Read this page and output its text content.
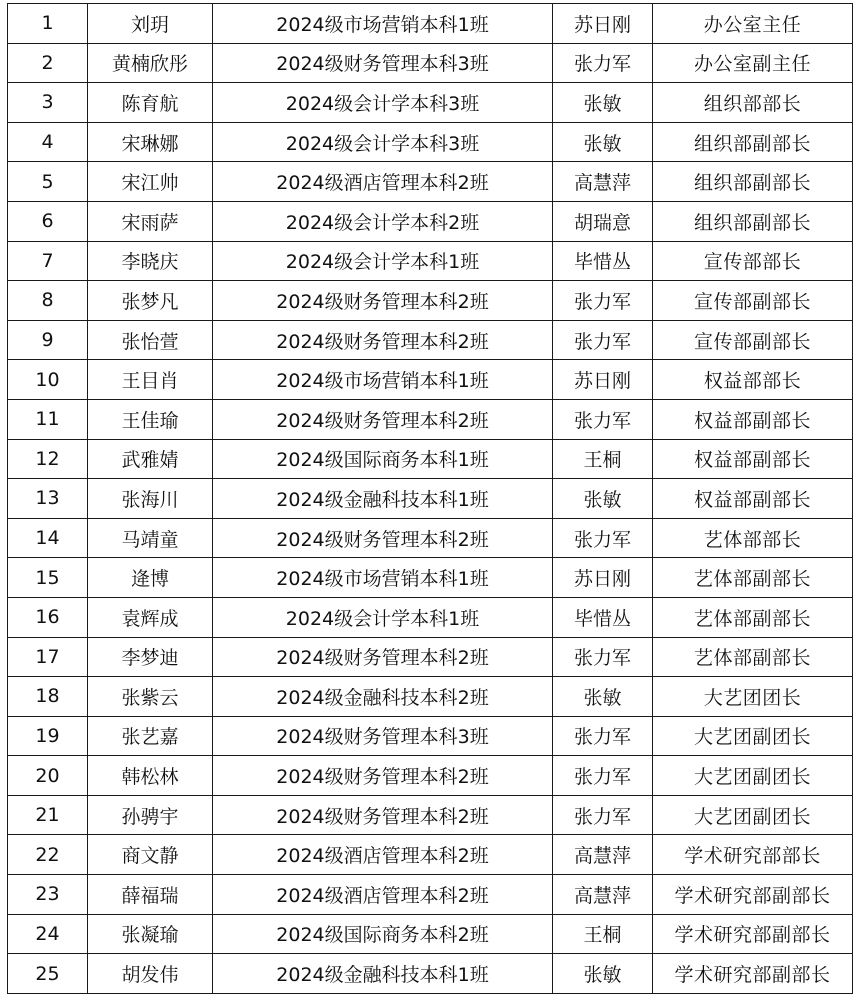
1	刘玥	2024级市场营销本科1班	苏日刚	办公室主任
2	黄楠欣彤	2024级财务管理本科3班	张力军	办公室副主任
3	陈育航	2024级会计学本科3班	张敏	组织部部长
4	宋琳娜	2024级会计学本科3班	张敏	组织部副部长
5	宋江帅	2024级酒店管理本科2班	高慧萍	组织部副部长
6	宋雨萨	2024级会计学本科2班	胡瑞意	组织部副部长
7	李晓庆	2024级会计学本科1班	毕惜丛	宣传部部长
8	张梦凡	2024级财务管理本科2班	张力军	宣传部副部长
9	张怡萱	2024级财务管理本科2班	张力军	宣传部副部长
10	王目肖	2024级市场营销本科1班	苏日刚	权益部部长
11	王佳瑜	2024级财务管理本科2班	张力军	权益部副部长
12	武雅婧	2024级国际商务本科1班	王桐	权益部副部长
13	张海川	2024级金融科技本科1班	张敏	权益部副部长
14	马靖童	2024级财务管理本科2班	张力军	艺体部部长
15	逄博	2024级市场营销本科1班	苏日刚	艺体部副部长
16	袁辉成	2024级会计学本科1班	毕惜丛	艺体部副部长
17	李梦迪	2024级财务管理本科2班	张力军	艺体部副部长
18	张紫云	2024级金融科技本科2班	张敏	大艺团团长
19	张艺嘉	2024级财务管理本科3班	张力军	大艺团副团长
20	韩松林	2024级财务管理本科2班	张力军	大艺团副团长
21	孙骋宇	2024级财务管理本科2班	张力军	大艺团副团长
22	商文静	2024级酒店管理本科2班	高慧萍	学术研究部部长
23	薛福瑞	2024级酒店管理本科2班	高慧萍	学术研究部副部长
24	张凝瑜	2024级国际商务本科2班	王桐	学术研究部副部长
25	胡发伟	2024级金融科技本科1班	张敏	学术研究部副部长
